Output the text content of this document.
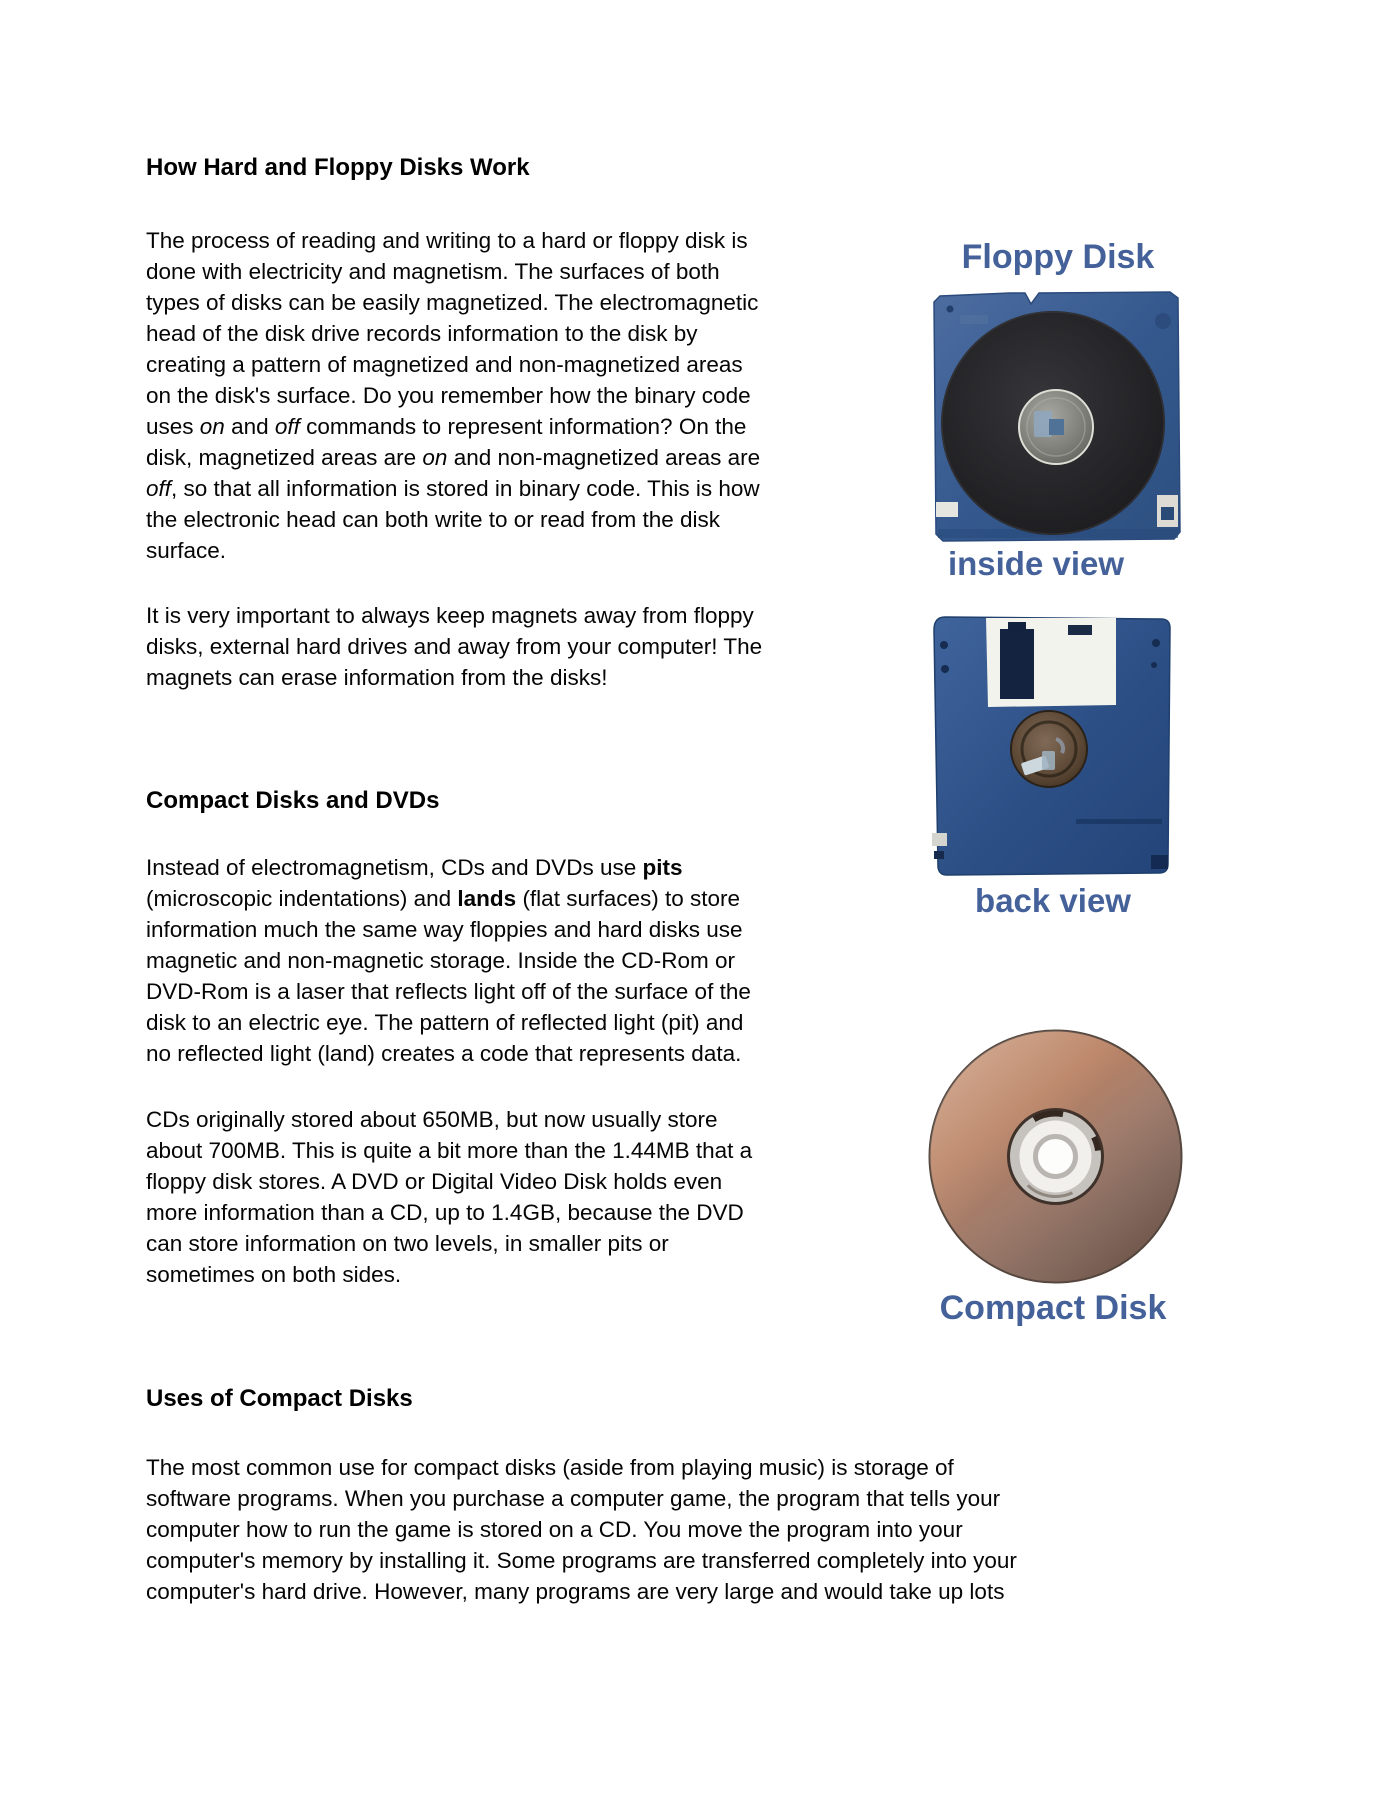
How Hard and Floppy Disks Work
Compact Disks and DVDs
Uses of Compact Disks
The process of reading and writing to a hard or floppy disk is
done with electricity and magnetism. The surfaces of both
types of disks can be easily magnetized. The electromagnetic
head of the disk drive records information to the disk by
creating a pattern of magnetized and non-magnetized areas
on the disk's surface. Do you remember how the binary code
uses on and off commands to represent information? On the
disk, magnetized areas are on and non-magnetized areas are
off, so that all information is stored in binary code. This is how
the electronic head can both write to or read from the disk
surface.
It is very important to always keep magnets away from floppy
disks, external hard drives and away from your computer! The
magnets can erase information from the disks!
Instead of electromagnetism, CDs and DVDs use pits
(microscopic indentations) and lands (flat surfaces) to store
information much the same way floppies and hard disks use
magnetic and non-magnetic storage. Inside the CD-Rom or
DVD-Rom is a laser that reflects light off of the surface of the
disk to an electric eye. The pattern of reflected light (pit) and
no reflected light (land) creates a code that represents data.
CDs originally stored about 650MB, but now usually store
about 700MB. This is quite a bit more than the 1.44MB that a
floppy disk stores. A DVD or Digital Video Disk holds even
more information than a CD, up to 1.4GB, because the DVD
can store information on two levels, in smaller pits or
sometimes on both sides.
The most common use for compact disks (aside from playing music) is storage of
software programs. When you purchase a computer game, the program that tells your
computer how to run the game is stored on a CD. You move the program into your
computer's memory by installing it. Some programs are transferred completely into your
computer's hard drive. However, many programs are very large and would take up lots
Floppy Disk
inside view
back view
Compact Disk
